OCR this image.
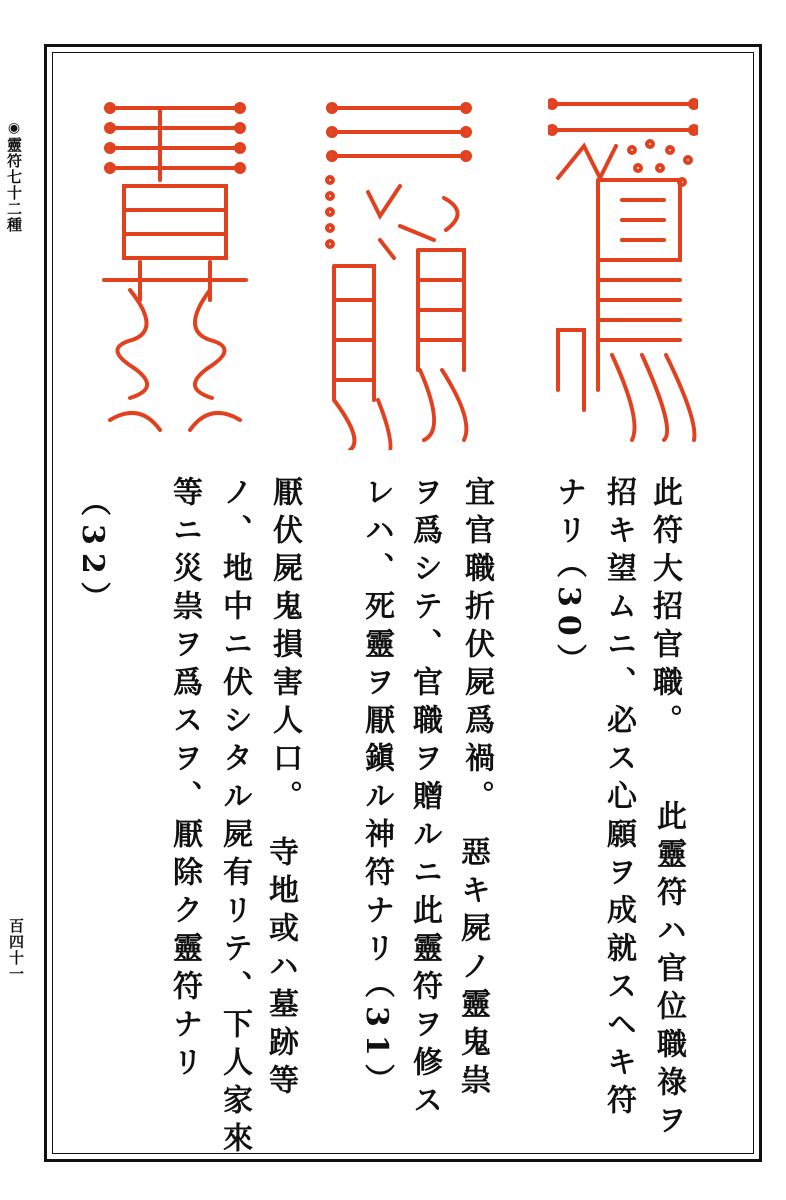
◉靈符七十二種
百四十一
此符大招官職。
此靈符ハ官位職祿ヲ
招キ望ムニ、必ス心願ヲ成就スヘキ符
ナリ
（30）
宜官職折伏屍爲禍。
惡キ屍ノ靈鬼祟
ヲ爲シテ、官職ヲ贈ルニ此靈符ヲ修ス
レハ、死靈ヲ厭鎭ル神符ナリ
（31）
厭伏屍鬼損害人口。
寺地或ハ墓跡等
ノ、地中ニ伏シタル屍有リテ、下人家來
等ニ災祟ヲ爲スヲ、厭除ク靈符ナリ
（32）
